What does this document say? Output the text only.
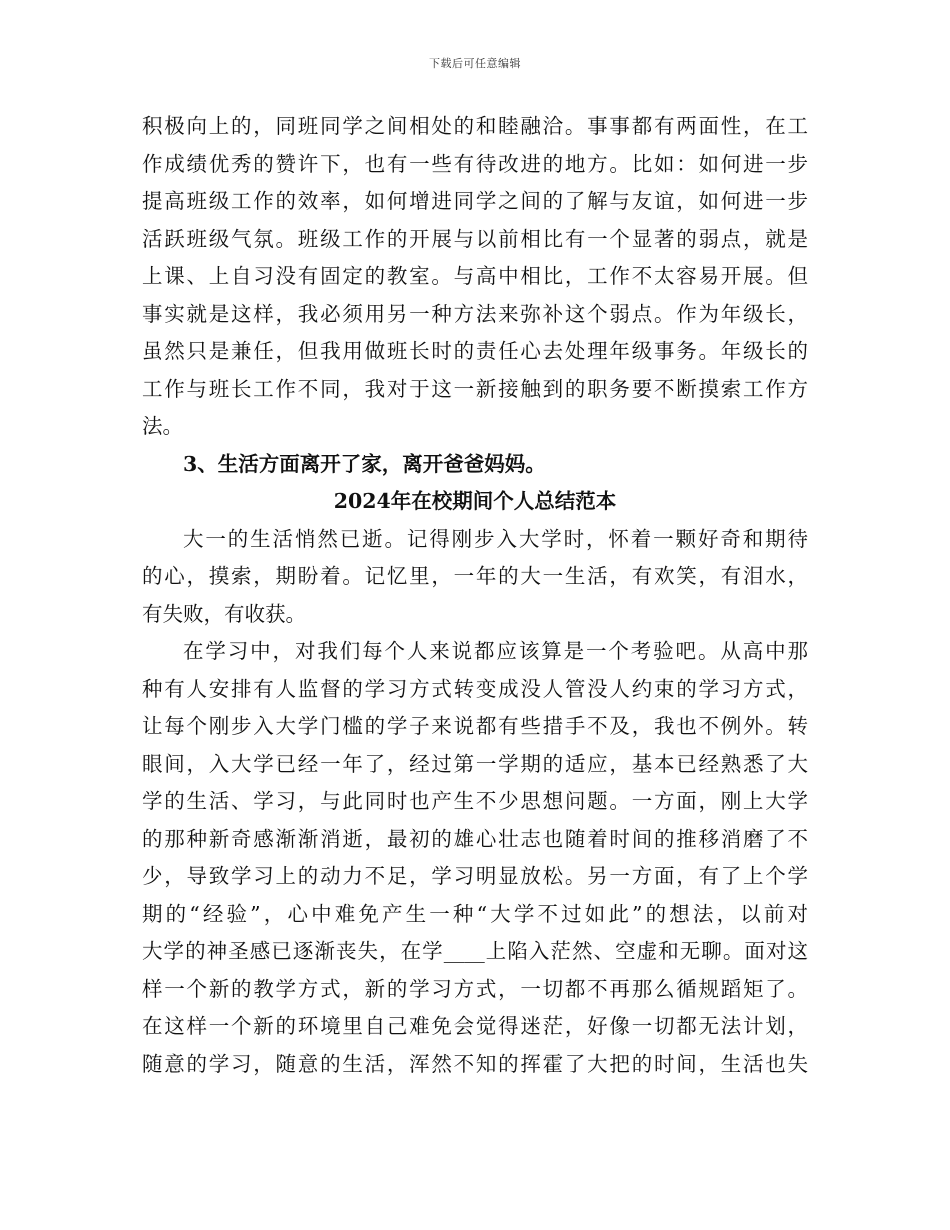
下载后可任意编辑
积极向上的，同班同学之间相处的和睦融洽。事事都有两面性，在工
作成绩优秀的赞许下，也有一些有待改进的地方。比如：如何进一步
提高班级工作的效率，如何增进同学之间的了解与友谊，如何进一步
活跃班级气氛。班级工作的开展与以前相比有一个显著的弱点，就是
上课、上自习没有固定的教室。与高中相比，工作不太容易开展。但
事实就是这样，我必须用另一种方法来弥补这个弱点。作为年级长，
虽然只是兼任，但我用做班长时的责任心去处理年级事务。年级长的
工作与班长工作不同，我对于这一新接触到的职务要不断摸索工作方
法。
3、生活方面离开了家，离开爸爸妈妈。
2024年在校期间个人总结范本
大一的生活悄然已逝。记得刚步入大学时，怀着一颗好奇和期待
的心，摸索，期盼着。记忆里，一年的大一生活，有欢笑，有泪水，
有失败，有收获。
在学习中，对我们每个人来说都应该算是一个考验吧。从高中那
种有人安排有人监督的学习方式转变成没人管没人约束的学习方式，
让每个刚步入大学门槛的学子来说都有些措手不及，我也不例外。转
眼间，入大学已经一年了，经过第一学期的适应，基本已经熟悉了大
学的生活、学习，与此同时也产生不少思想问题。一方面，刚上大学
的那种新奇感渐渐消逝，最初的雄心壮志也随着时间的推移消磨了不
少，导致学习上的动力不足，学习明显放松。另一方面，有了上个学
期的“经验”，心中难免产生一种“大学不过如此”的想法，以前对
大学的神圣感已逐渐丧失，在学____上陷入茫然、空虚和无聊。面对这
样一个新的教学方式，新的学习方式，一切都不再那么循规蹈矩了。
在这样一个新的环境里自己难免会觉得迷茫，好像一切都无法计划，
随意的学习，随意的生活，浑然不知的挥霍了大把的时间，生活也失
